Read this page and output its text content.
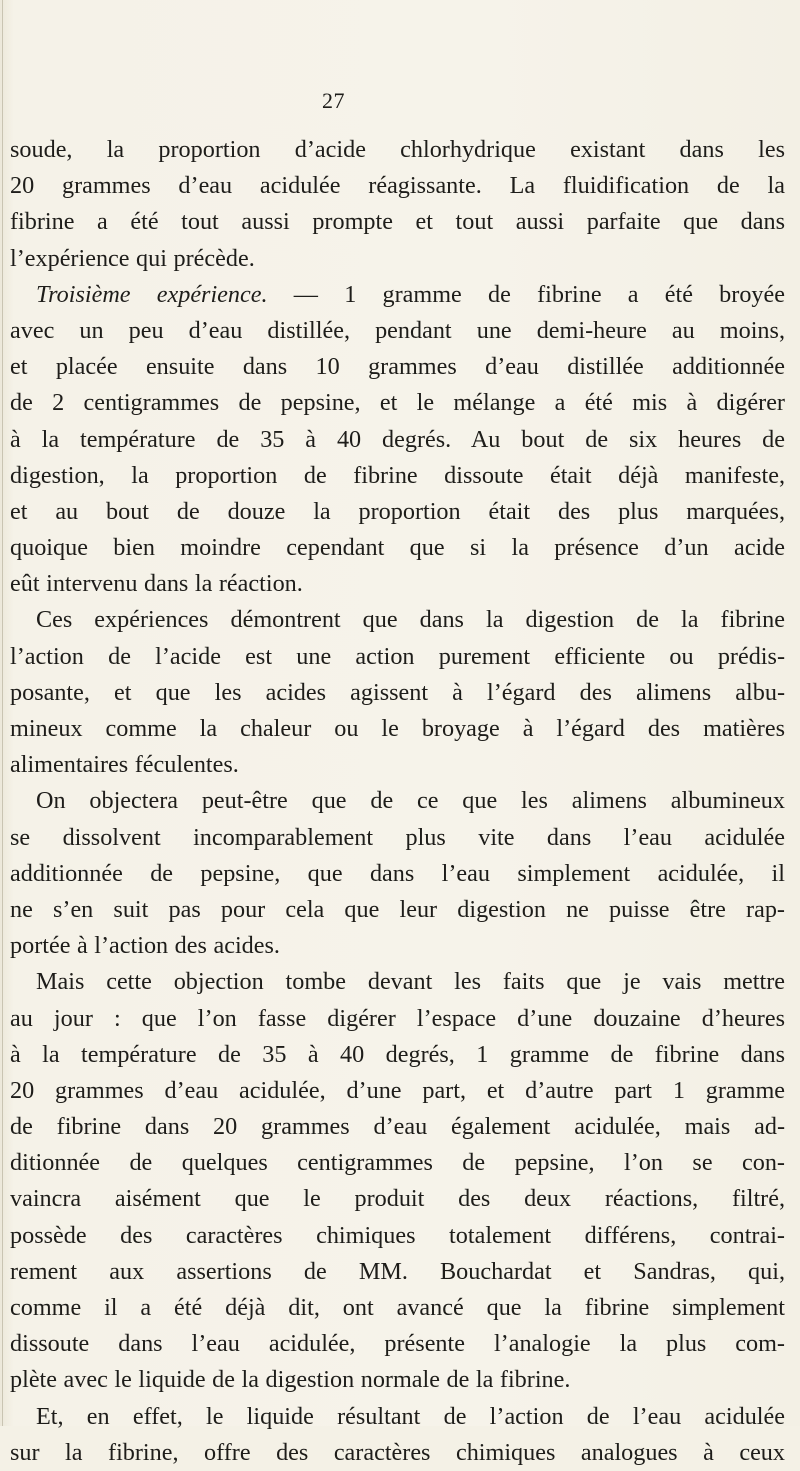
27
soude, la proportion d’acide chlorhydrique existant dans les
20 grammes d’eau acidulée réagissante. La fluidification de la
fibrine a été tout aussi prompte et tout aussi parfaite que dans
l’expérience qui précède.
Troisième expérience. — 1 gramme de fibrine a été broyée
avec un peu d’eau distillée, pendant une demi-heure au moins,
et placée ensuite dans 10 grammes d’eau distillée additionnée
de 2 centigrammes de pepsine, et le mélange a été mis à digérer
à la température de 35 à 40 degrés. Au bout de six heures de
digestion, la proportion de fibrine dissoute était déjà manifeste,
et au bout de douze la proportion était des plus marquées,
quoique bien moindre cependant que si la présence d’un acide
eût intervenu dans la réaction.
Ces expériences démontrent que dans la digestion de la fibrine
l’action de l’acide est une action purement efficiente ou prédis-
posante, et que les acides agissent à l’égard des alimens albu-
mineux comme la chaleur ou le broyage à l’égard des matières
alimentaires féculentes.
On objectera peut-être que de ce que les alimens albumineux
se dissolvent incomparablement plus vite dans l’eau acidulée
additionnée de pepsine, que dans l’eau simplement acidulée, il
ne s’en suit pas pour cela que leur digestion ne puisse être rap-
portée à l’action des acides.
Mais cette objection tombe devant les faits que je vais mettre
au jour : que l’on fasse digérer l’espace d’une douzaine d’heures
à la température de 35 à 40 degrés, 1 gramme de fibrine dans
20 grammes d’eau acidulée, d’une part, et d’autre part 1 gramme
de fibrine dans 20 grammes d’eau également acidulée, mais ad-
ditionnée de quelques centigrammes de pepsine, l’on se con-
vaincra aisément que le produit des deux réactions, filtré,
possède des caractères chimiques totalement différens, contrai-
rement aux assertions de MM. Bouchardat et Sandras, qui,
comme il a été déjà dit, ont avancé que la fibrine simplement
dissoute dans l’eau acidulée, présente l’analogie la plus com-
plète avec le liquide de la digestion normale de la fibrine.
Et, en effet, le liquide résultant de l’action de l’eau acidulée
sur la fibrine, offre des caractères chimiques analogues à ceux
